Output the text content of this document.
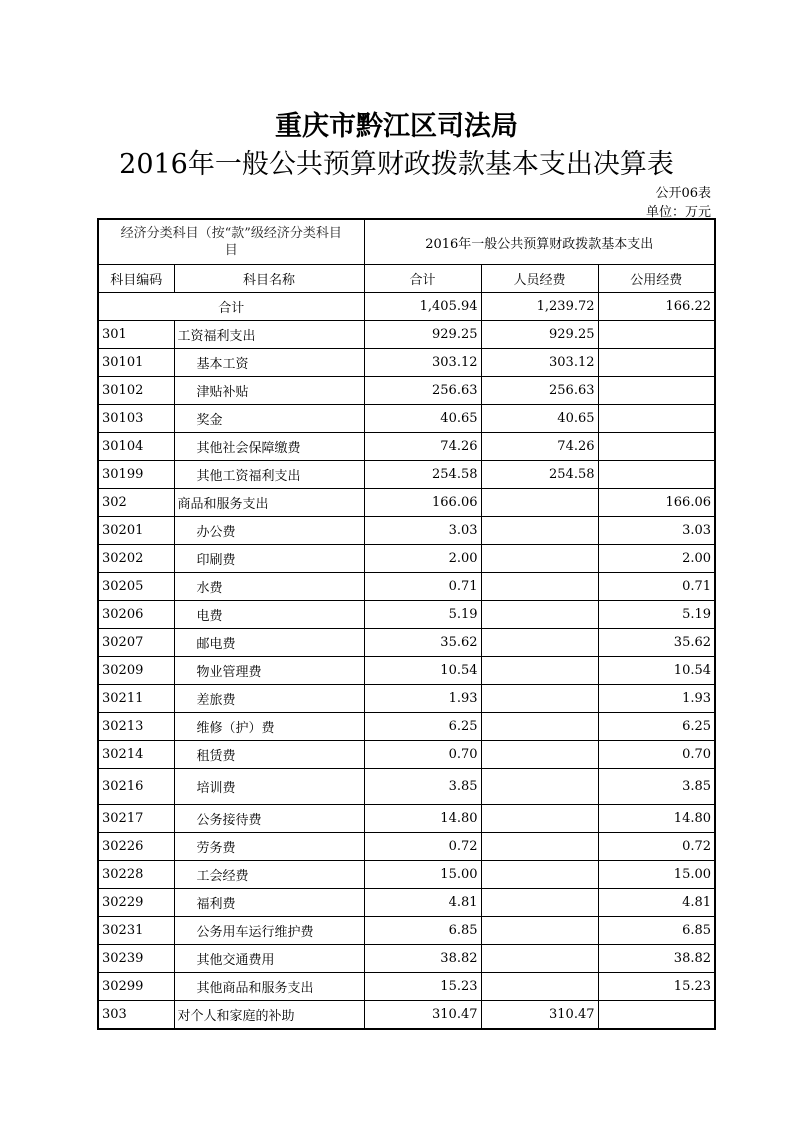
重庆市黔江区司法局
2016年一般公共预算财政拨款基本支出决算表
公开06表
单位：万元
经济分类科目（按“款”级经济分类科目
目		2016年一般公共预算财政拨款基本支出		
科目编码	科目名称	合计	人员经费	公用经费
合计		1,405.94	1,239.72	166.22
301	工资福利支出	929.25	929.25	
30101	基本工资	303.12	303.12	
30102	津贴补贴	256.63	256.63	
30103	奖金	40.65	40.65	
30104	其他社会保障缴费	74.26	74.26	
30199	其他工资福利支出	254.58	254.58	
302	商品和服务支出	166.06		166.06
30201	办公费	3.03		3.03
30202	印刷费	2.00		2.00
30205	水费	0.71		0.71
30206	电费	5.19		5.19
30207	邮电费	35.62		35.62
30209	物业管理费	10.54		10.54
30211	差旅费	1.93		1.93
30213	维修（护）费	6.25		6.25
30214	租赁费	0.70		0.70
30216	培训费	3.85		3.85
30217	公务接待费	14.80		14.80
30226	劳务费	0.72		0.72
30228	工会经费	15.00		15.00
30229	福利费	4.81		4.81
30231	公务用车运行维护费	6.85		6.85
30239	其他交通费用	38.82		38.82
30299	其他商品和服务支出	15.23		15.23
303	对个人和家庭的补助	310.47	310.47	
